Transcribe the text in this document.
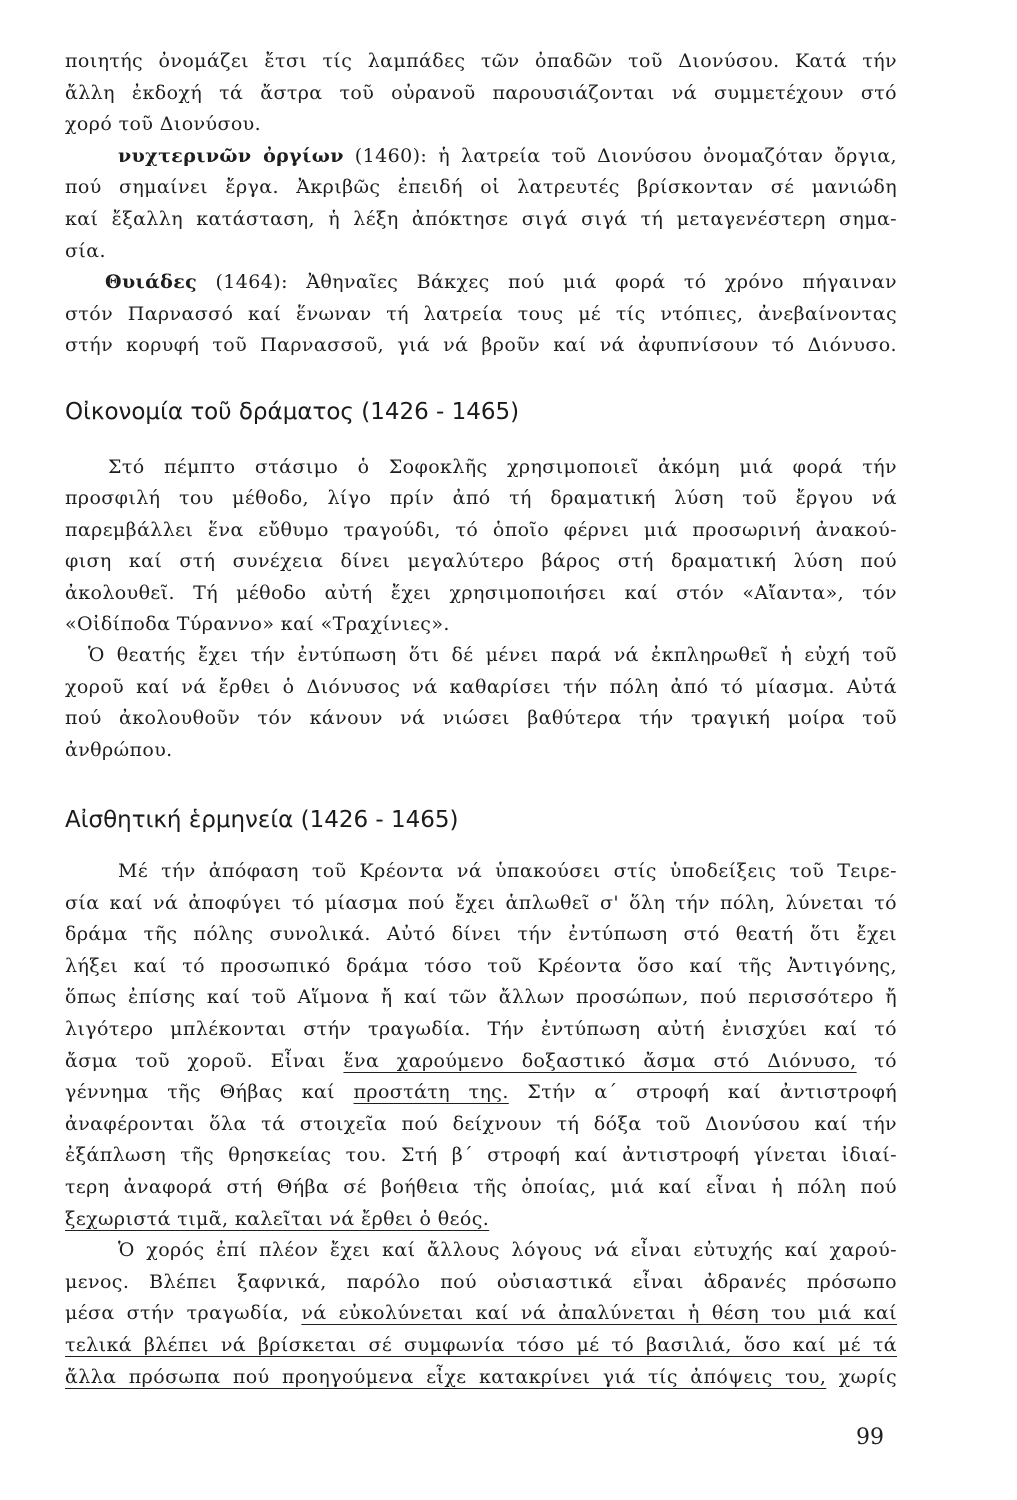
ποιητής ὀνομάζει ἔτσι τίς λαμπάδες τῶν ὀπαδῶν τοῦ Διονύσου. Κατά τήν
ἄλλη ἐκδοχή τά ἄστρα τοῦ οὐρανοῦ παρουσιάζονται νά συμμετέχουν στό
χορό τοῦ Διονύσου.
νυχτερινῶν ὀργίων (1460): ἡ λατρεία τοῦ Διονύσου ὀνομαζόταν ὄργια,
πού σημαίνει ἔργα. Ἀκριβῶς ἐπειδή οἱ λατρευτές βρίσκονταν σέ μανιώδη
καί ἔξαλλη κατάσταση, ἡ λέξη ἀπόκτησε σιγά σιγά τή μεταγενέστερη σημα-
σία.
Θυιάδες (1464): Ἀθηναῖες Βάκχες πού μιά φορά τό χρόνο πήγαιναν
στόν Παρνασσό καί ἕνωναν τή λατρεία τους μέ τίς ντόπιες, ἀνεβαίνοντας
στήν κορυφή τοῦ Παρνασσοῦ, γιά νά βροῦν καί νά ἀφυπνίσουν τό Διόνυσο.
Οἰκονομία τοῦ δράματος (1426 - 1465)
Στό πέμπτο στάσιμο ὁ Σοφοκλῆς χρησιμοποιεῖ ἀκόμη μιά φορά τήν
προσφιλή του μέθοδο, λίγο πρίν ἀπό τή δραματική λύση τοῦ ἔργου νά
παρεμβάλλει ἕνα εὔθυμο τραγούδι, τό ὁποῖο φέρνει μιά προσωρινή ἀνακού-
φιση καί στή συνέχεια δίνει μεγαλύτερο βάρος στή δραματική λύση πού
ἀκολουθεῖ. Τή μέθοδο αὐτή ἔχει χρησιμοποιήσει καί στόν «Αἴαντα», τόν
«Οἰδίποδα Τύραννο» καί «Τραχίνιες».
Ὁ θεατής ἔχει τήν ἐντύπωση ὅτι δέ μένει παρά νά ἐκπληρωθεῖ ἡ εὐχή τοῦ
χοροῦ καί νά ἔρθει ὁ Διόνυσος νά καθαρίσει τήν πόλη ἀπό τό μίασμα. Αὐτά
πού ἀκολουθοῦν τόν κάνουν νά νιώσει βαθύτερα τήν τραγική μοίρα τοῦ
ἀνθρώπου.
Αἰσθητική ἑρμηνεία (1426 - 1465)
Μέ τήν ἀπόφαση τοῦ Κρέοντα νά ὑπακούσει στίς ὑποδείξεις τοῦ Τειρε-
σία καί νά ἀποφύγει τό μίασμα πού ἔχει ἁπλωθεῖ σ' ὅλη τήν πόλη, λύνεται τό
δράμα τῆς πόλης συνολικά. Αὐτό δίνει τήν ἐντύπωση στό θεατή ὅτι ἔχει
λήξει καί τό προσωπικό δράμα τόσο τοῦ Κρέοντα ὅσο καί τῆς Ἀντιγόνης,
ὅπως ἐπίσης καί τοῦ Αἵμονα ἤ καί τῶν ἄλλων προσώπων, πού περισσότερο ἤ
λιγότερο μπλέκονται στήν τραγωδία. Τήν ἐντύπωση αὐτή ἐνισχύει καί τό
ἄσμα τοῦ χοροῦ. Εἶναι ἕνα χαρούμενο δοξαστικό ἄσμα στό Διόνυσο, τό
γέννημα τῆς Θήβας καί προστάτη της. Στήν α΄ στροφή καί ἀντιστροφή
ἀναφέρονται ὅλα τά στοιχεῖα πού δείχνουν τή δόξα τοῦ Διονύσου καί τήν
ἐξάπλωση τῆς θρησκείας του. Στή β΄ στροφή καί ἀντιστροφή γίνεται ἰδιαί-
τερη ἀναφορά στή Θήβα σέ βοήθεια τῆς ὁποίας, μιά καί εἶναι ἡ πόλη πού
ξεχωριστά τιμᾶ, καλεῖται νά ἔρθει ὁ θεός.
Ὁ χορός ἐπί πλέον ἔχει καί ἄλλους λόγους νά εἶναι εὐτυχής καί χαρού-
μενος. Βλέπει ξαφνικά, παρόλο πού οὐσιαστικά εἶναι ἀδρανές πρόσωπο
μέσα στήν τραγωδία, νά εὐκολύνεται καί νά ἀπαλύνεται ἡ θέση του μιά καί
τελικά βλέπει νά βρίσκεται σέ συμφωνία τόσο μέ τό βασιλιά, ὅσο καί μέ τά
ἄλλα πρόσωπα πού προηγούμενα εἶχε κατακρίνει γιά τίς ἀπόψεις του, χωρίς
99
